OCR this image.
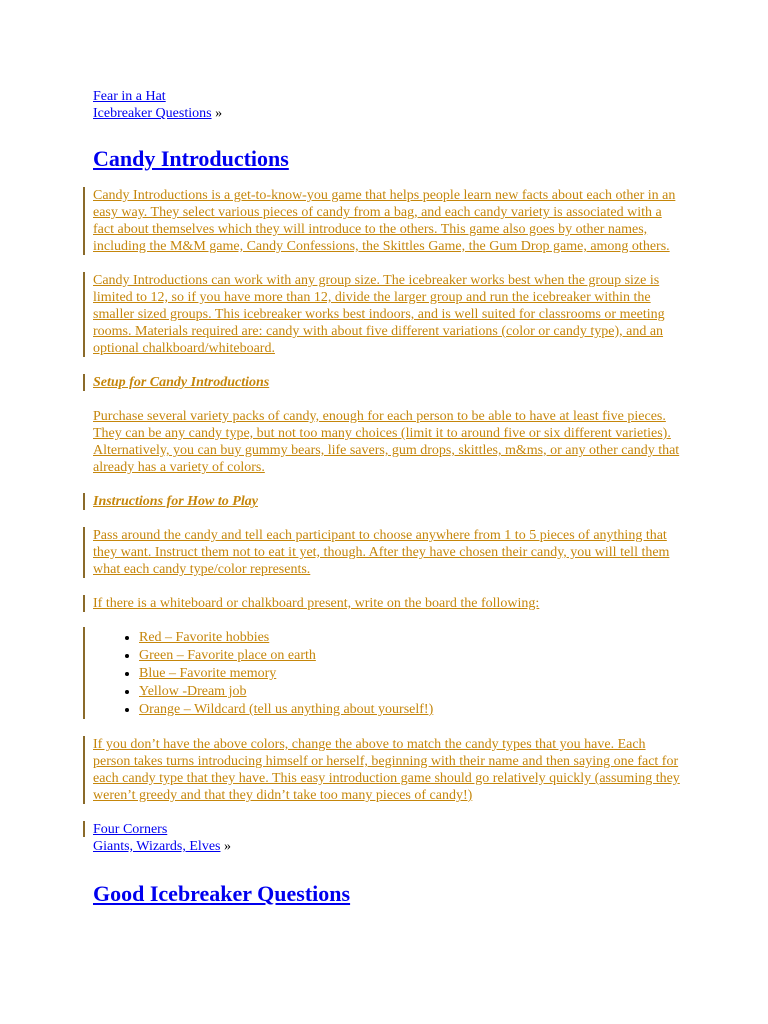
Fear in a Hat
Icebreaker Questions »
Candy Introductions

Candy Introductions is a get-to-know-you game that helps people learn new facts about each other in an easy way. They select various pieces of candy from a bag, and each candy variety is associated with a fact about themselves which they will introduce to the others. This game also goes by other names, including the M&M game, Candy Confessions, the Skittles Game, the Gum Drop game, among others.

Candy Introductions can work with any group size. The icebreaker works best when the group size is limited to 12, so if you have more than 12, divide the larger group and run the icebreaker within the smaller sized groups. This icebreaker works best indoors, and is well suited for classrooms or meeting rooms. Materials required are: candy with about five different variations (color or candy type), and an optional chalkboard/whiteboard.

Setup for Candy Introductions

Purchase several variety packs of candy, enough for each person to be able to have at least five pieces. They can be any candy type, but not too many choices (limit it to around five or six different varieties). Alternatively, you can buy gummy bears, life savers, gum drops, skittles, m&ms, or any other candy that already has a variety of colors.

Instructions for How to Play

Pass around the candy and tell each participant to choose anywhere from 1 to 5 pieces of anything that they want. Instruct them not to eat it yet, though. After they have chosen their candy, you will tell them what each candy type/color represents.

If there is a whiteboard or chalkboard present, write on the board the following:

• Red – Favorite hobbies
• Green – Favorite place on earth
• Blue – Favorite memory
• Yellow -Dream job
• Orange – Wildcard (tell us anything about yourself!)

If you don’t have the above colors, change the above to match the candy types that you have. Each person takes turns introducing himself or herself, beginning with their name and then saying one fact for each candy type that they have. This easy introduction game should go relatively quickly (assuming they weren’t greedy and that they didn’t take too many pieces of candy!)

Four Corners
Giants, Wizards, Elves »
Good Icebreaker Questions
